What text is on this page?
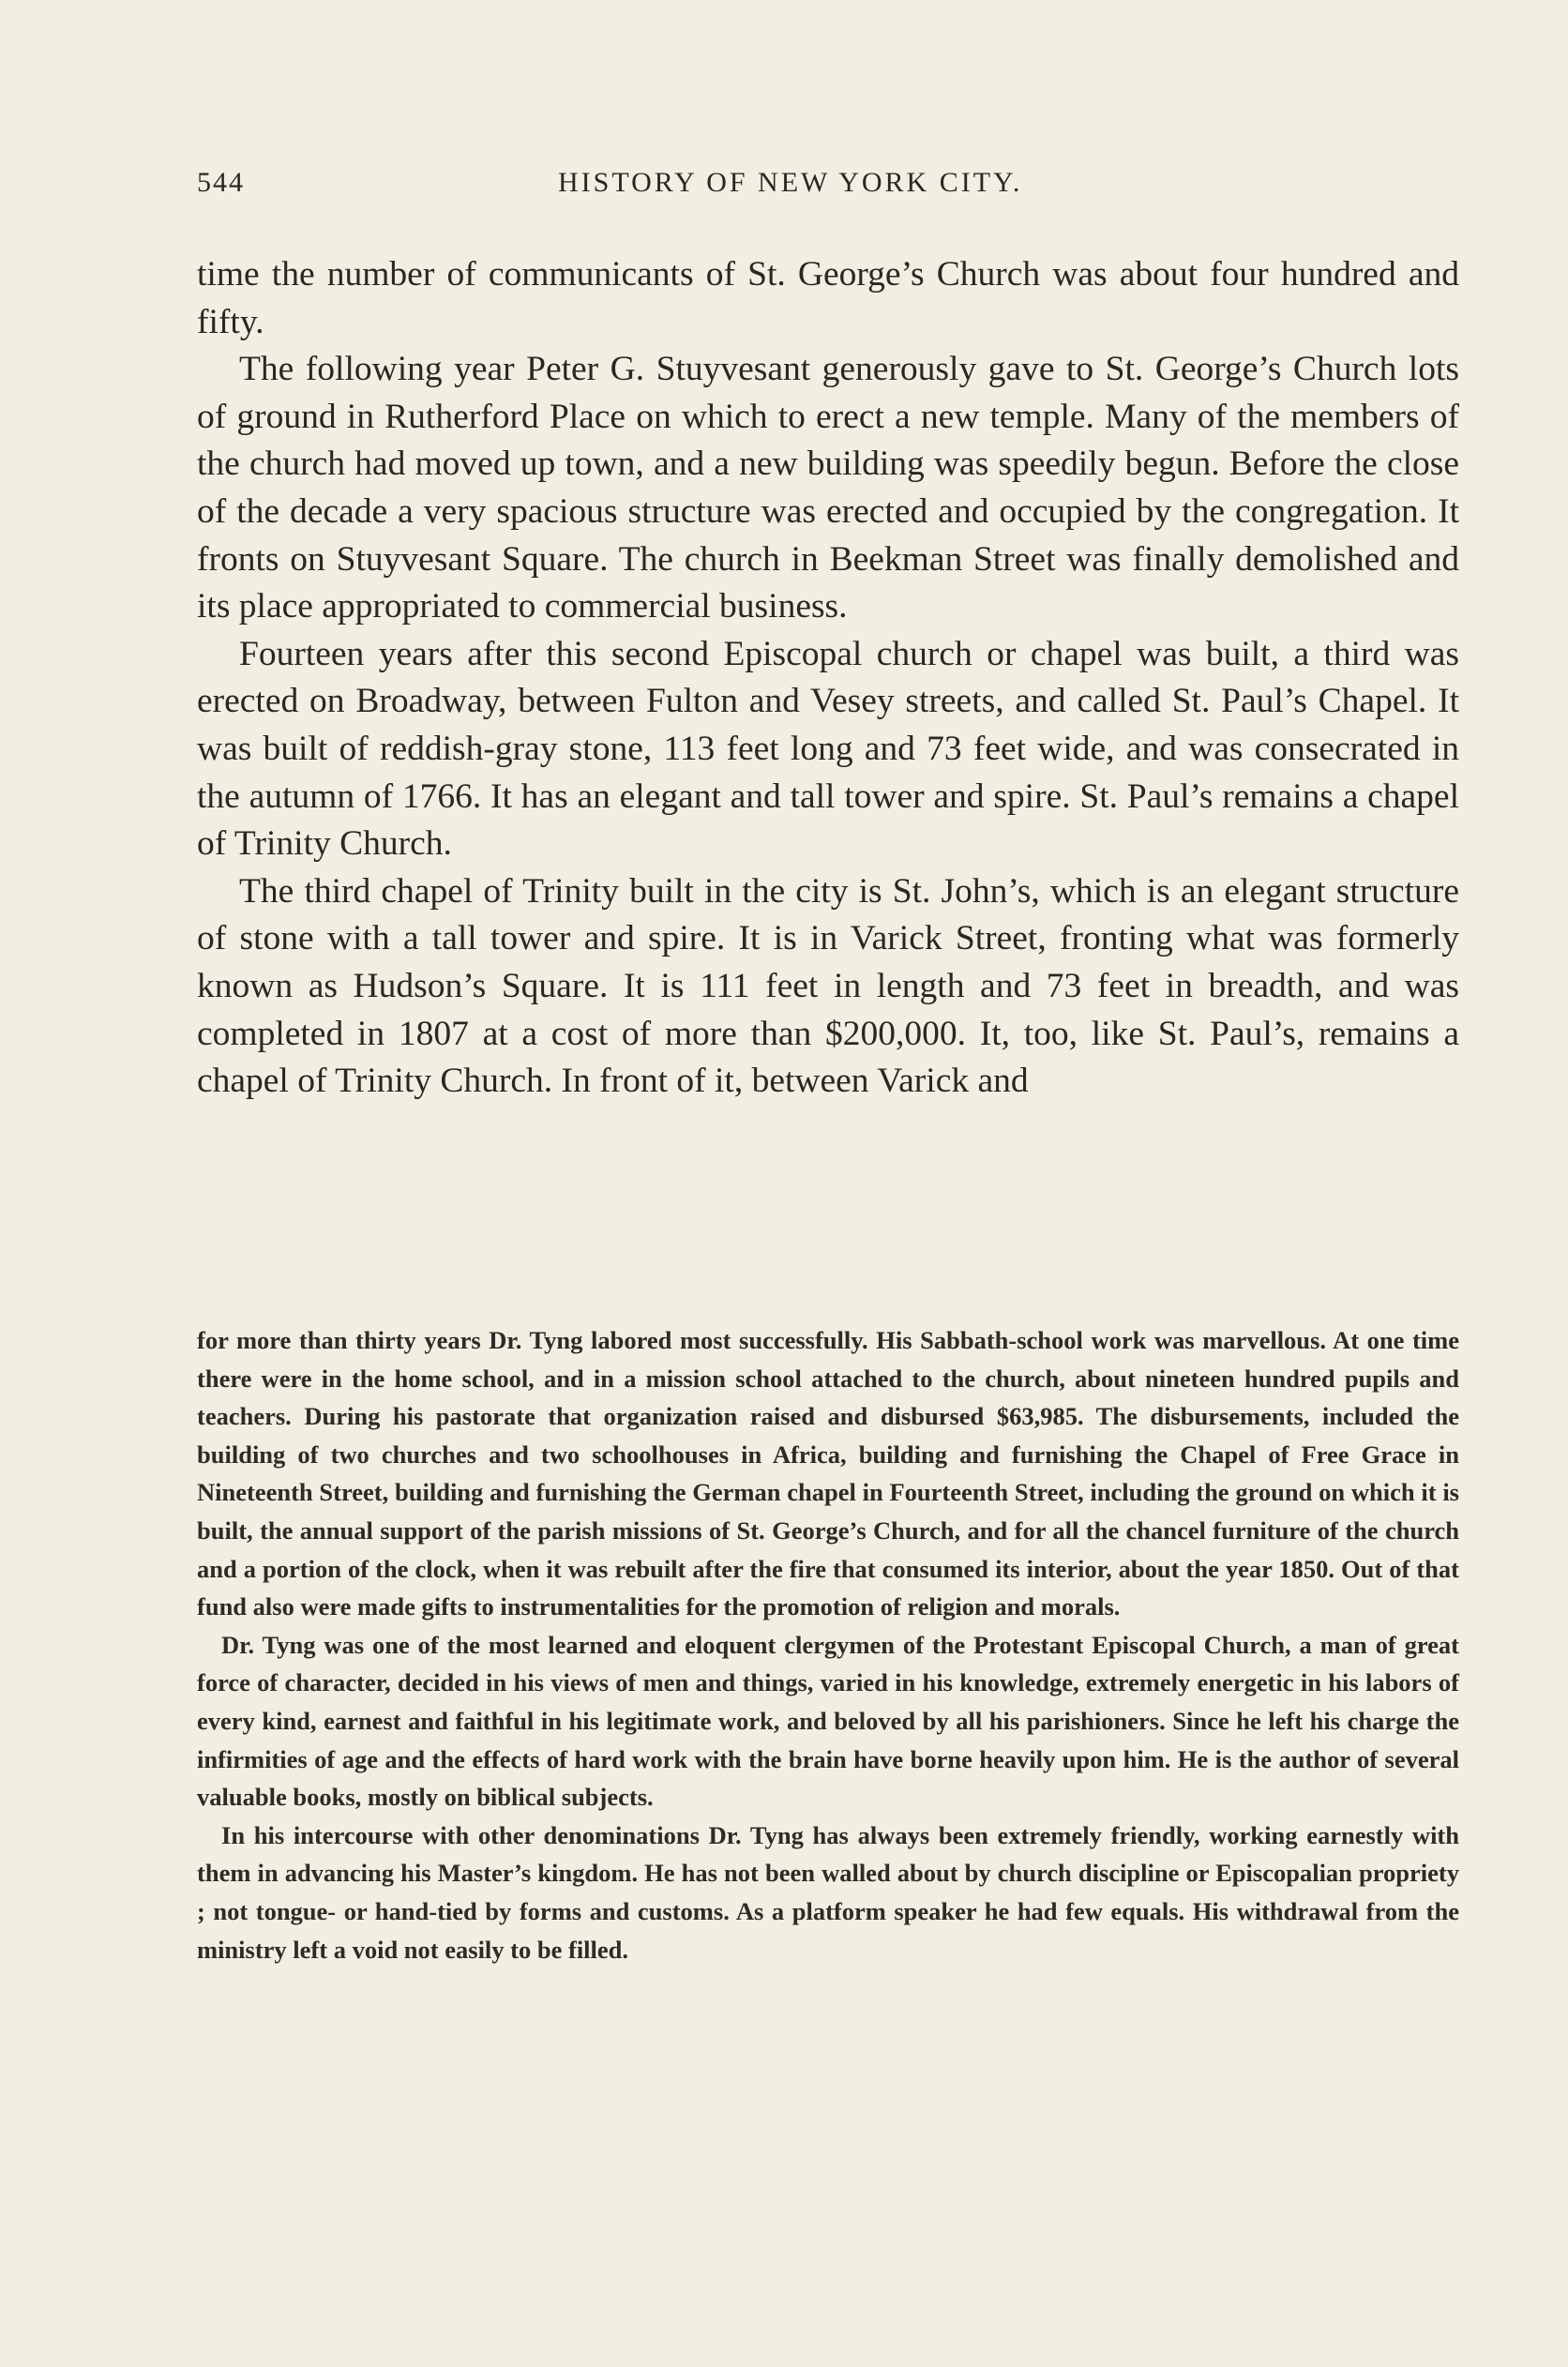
544	HISTORY OF NEW YORK CITY.

time the number of communicants of St. George’s Church was about four hundred and fifty.

The following year Peter G. Stuyvesant generously gave to St. George’s Church lots of ground in Rutherford Place on which to erect a new temple. Many of the members of the church had moved up town, and a new building was speedily begun. Before the close of the decade a very spacious structure was erected and occupied by the congregation. It fronts on Stuyvesant Square. The church in Beekman Street was finally demolished and its place appropriated to commercial business.

Fourteen years after this second Episcopal church or chapel was built, a third was erected on Broadway, between Fulton and Vesey streets, and called St. Paul’s Chapel. It was built of reddish-gray stone, 113 feet long and 73 feet wide, and was consecrated in the autumn of 1766. It has an elegant and tall tower and spire. St. Paul’s remains a chapel of Trinity Church.

The third chapel of Trinity built in the city is St. John’s, which is an elegant structure of stone with a tall tower and spire. It is in Varick Street, fronting what was formerly known as Hudson’s Square. It is 111 feet in length and 73 feet in breadth, and was completed in 1807 at a cost of more than $200,000. It, too, like St. Paul’s, remains a chapel of Trinity Church. In front of it, between Varick and

for more than thirty years Dr. Tyng labored most successfully. His Sabbath-school work was marvellous. At one time there were in the home school, and in a mission school attached to the church, about nineteen hundred pupils and teachers. During his pastorate that organization raised and disbursed $63,985. The disbursements, included the building of two churches and two schoolhouses in Africa, building and furnishing the Chapel of Free Grace in Nineteenth Street, building and furnishing the German chapel in Fourteenth Street, including the ground on which it is built, the annual support of the parish missions of St. George’s Church, and for all the chancel furniture of the church and a portion of the clock, when it was rebuilt after the fire that consumed its interior, about the year 1850. Out of that fund also were made gifts to instrumentalities for the promotion of religion and morals.

Dr. Tyng was one of the most learned and eloquent clergymen of the Protestant Episcopal Church, a man of great force of character, decided in his views of men and things, varied in his knowledge, extremely energetic in his labors of every kind, earnest and faithful in his legitimate work, and beloved by all his parishioners. Since he left his charge the infirmities of age and the effects of hard work with the brain have borne heavily upon him. He is the author of several valuable books, mostly on biblical subjects.

In his intercourse with other denominations Dr. Tyng has always been extremely friendly, working earnestly with them in advancing his Master’s kingdom. He has not been walled about by church discipline or Episcopalian propriety ; not tongue- or hand-tied by forms and customs. As a platform speaker he had few equals. His withdrawal from the ministry left a void not easily to be filled.
